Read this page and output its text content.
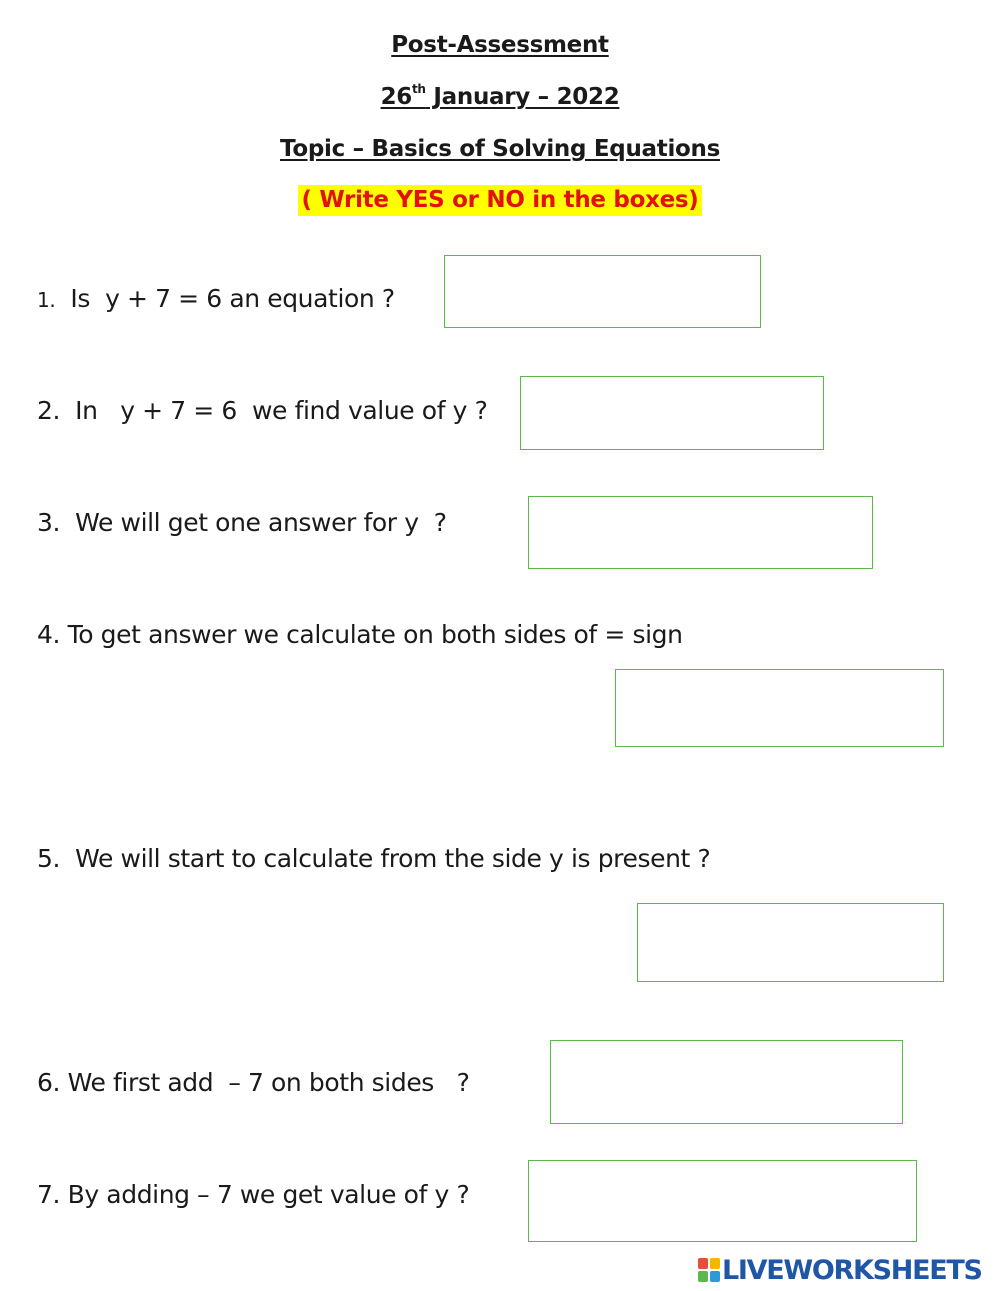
Post-Assessment
26th January – 2022
Topic – Basics of Solving Equations
( Write YES or NO in the boxes)
1.  Is  y + 7 = 6 an equation ?
2.  In   y + 7 = 6  we find value of y ?
3.  We will get one answer for y  ?
4. To get answer we calculate on both sides of = sign
5.  We will start to calculate from the side y is present ?
6. We first add  – 7 on both sides   ?
7. By adding – 7 we get value of y ?
LIVEWORKSHEETS
